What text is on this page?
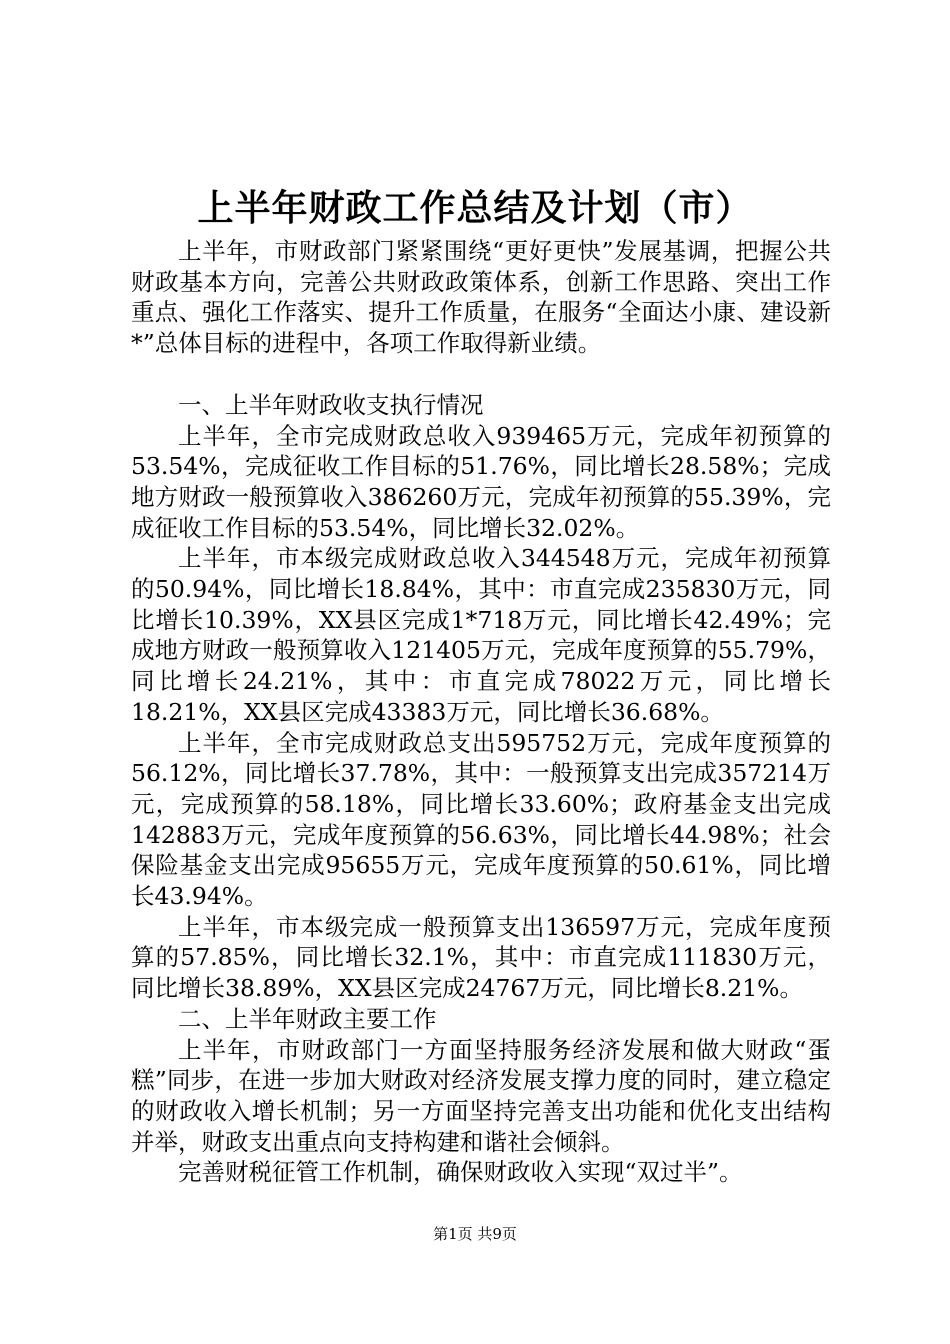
上半年财政工作总结及计划（市）

上半年，市财政部门紧紧围绕“更好更快”发展基调，把握公共财政基本方向，完善公共财政政策体系，创新工作思路、突出工作重点、强化工作落实、提升工作质量，在服务“全面达小康、建设新*”总体目标的进程中，各项工作取得新业绩。

一、上半年财政收支执行情况

上半年，全市完成财政总收入939465万元，完成年初预算的53.54%，完成征收工作目标的51.76%，同比增长28.58%；完成地方财政一般预算收入386260万元，完成年初预算的55.39%，完成征收工作目标的53.54%，同比增长32.02%。

上半年，市本级完成财政总收入344548万元，完成年初预算的50.94%，同比增长18.84%，其中：市直完成235830万元，同比增长10.39%，XX县区完成1*718万元，同比增长42.49%；完成地方财政一般预算收入121405万元，完成年度预算的55.79%，同比增长24.21%，其中：市直完成78022万元，同比增长18.21%，XX县区完成43383万元，同比增长36.68%。

上半年，全市完成财政总支出595752万元，完成年度预算的56.12%，同比增长37.78%，其中：一般预算支出完成357214万元，完成预算的58.18%，同比增长33.60%；政府基金支出完成142883万元，完成年度预算的56.63%，同比增长44.98%；社会保险基金支出完成95655万元，完成年度预算的50.61%，同比增长43.94%。

上半年，市本级完成一般预算支出136597万元，完成年度预算的57.85%，同比增长32.1%，其中：市直完成111830万元，同比增长38.89%，XX县区完成24767万元，同比增长8.21%。

二、上半年财政主要工作

上半年，市财政部门一方面坚持服务经济发展和做大财政“蛋糕”同步，在进一步加大财政对经济发展支撑力度的同时，建立稳定的财政收入增长机制；另一方面坚持完善支出功能和优化支出结构并举，财政支出重点向支持构建和谐社会倾斜。

完善财税征管工作机制，确保财政收入实现“双过半”。

第1页 共9页
